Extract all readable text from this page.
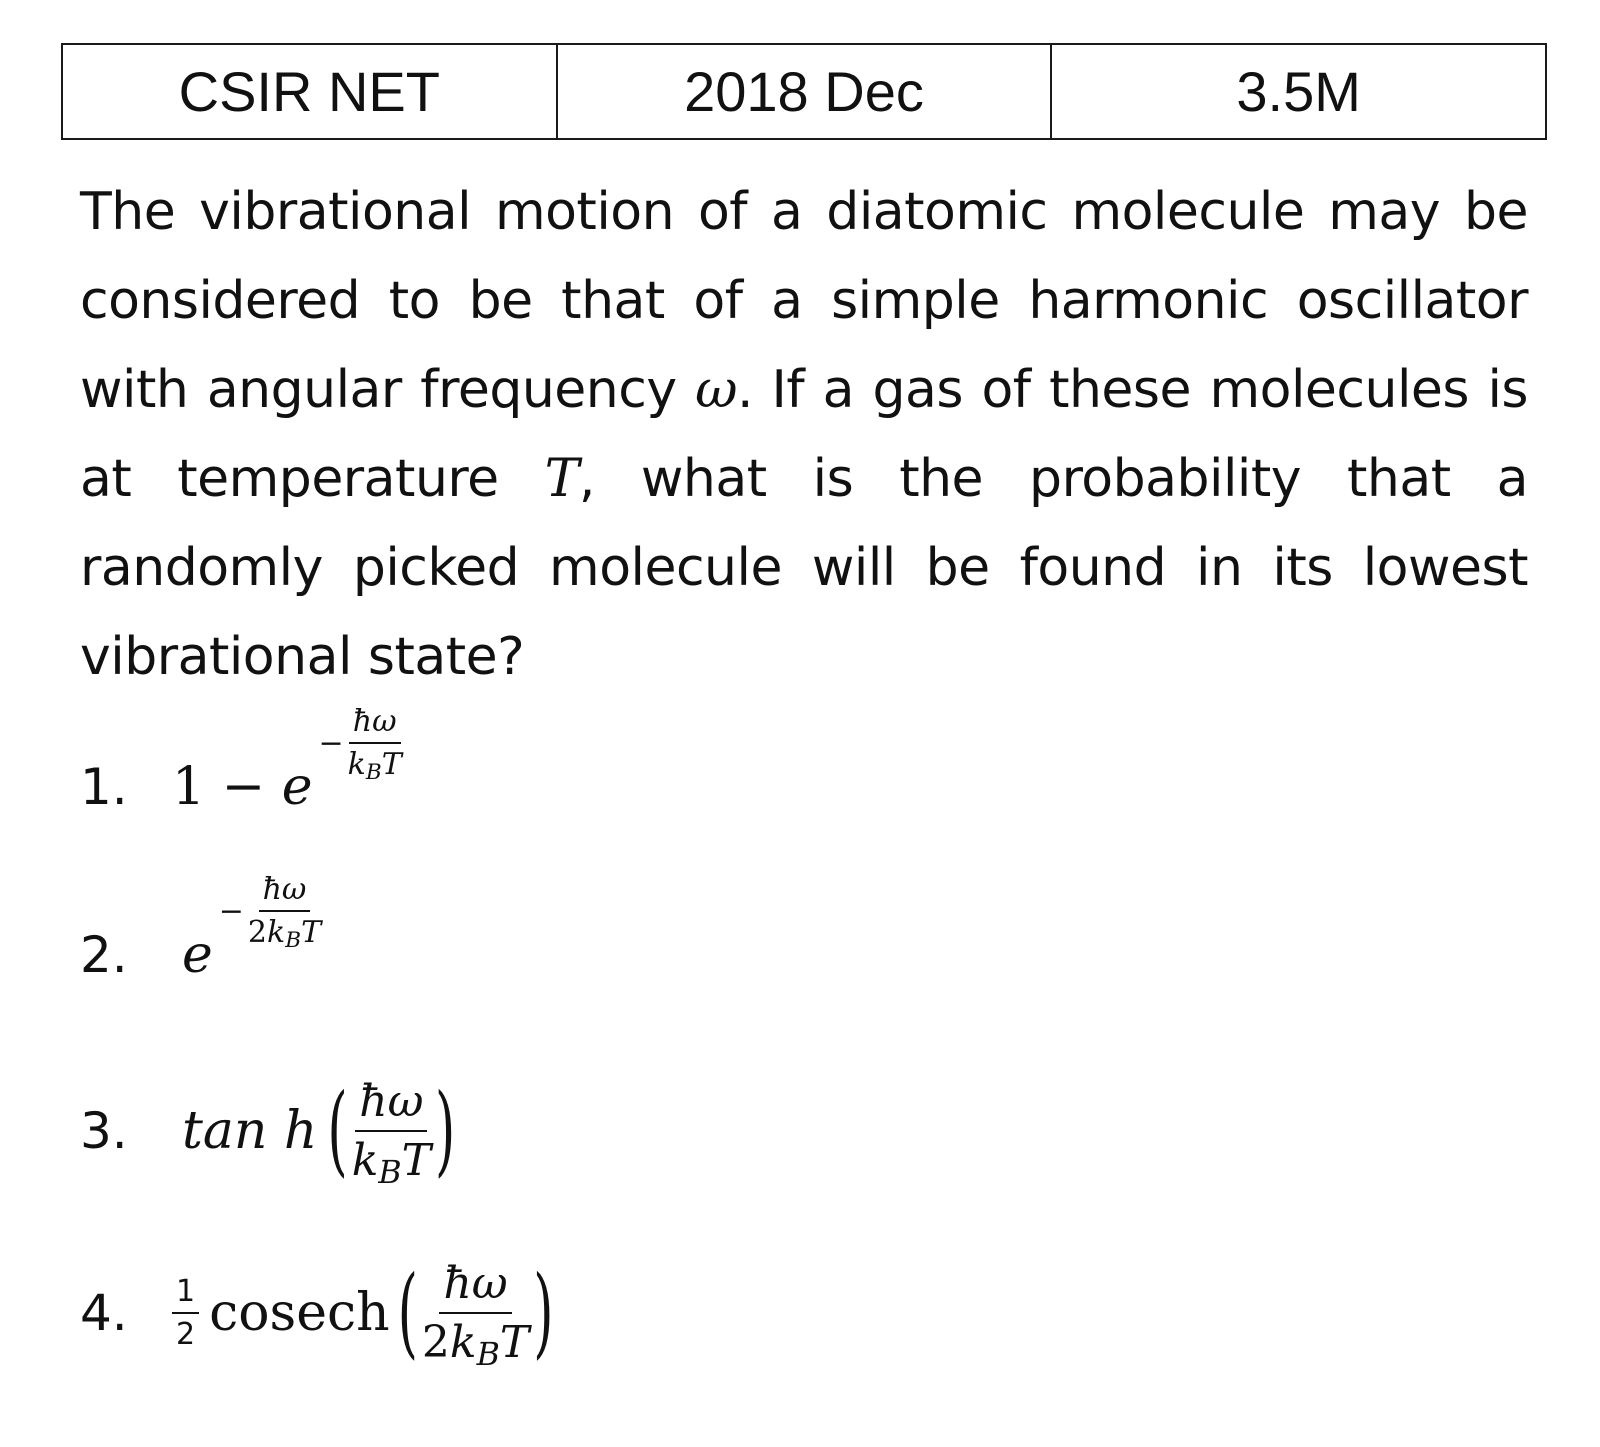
CSIR NET	2018 Dec	3.5M

The vibrational motion of a diatomic molecule may be considered to be that of a simple harmonic oscillator with angular frequency ω. If a gas of these molecules is at temperature T, what is the probability that a randomly picked molecule will be found in its lowest vibrational state?

1. 1 − e
− $\frac{ħ\omega}{\text{kBT}}$
2.	e
− $\frac{ħ\omega}{\text{2kBT}}$
3.	tan h ( $\frac{ħ\omega}{\text{kBT}}$ )
4.	$\frac{1}{2}$ cosech ( $\frac{ħ\omega}{\text{2kBT}}$ )
